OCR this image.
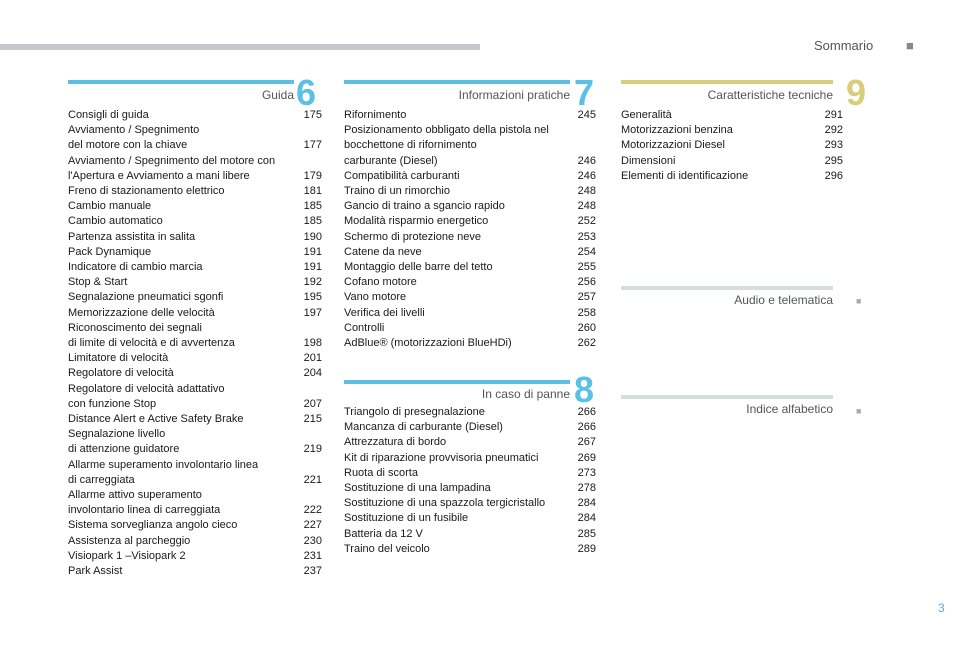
Sommario	■
Guida 6
Consigli di guida	175
Avviamento / Spegnimento
del motore con la chiave	177
Avviamento / Spegnimento del motore con
l'Apertura e Avviamento a mani libere	179
Freno di stazionamento elettrico	181
Cambio manuale	185
Cambio automatico	185
Partenza assistita in salita	190
Pack Dynamique	191
Indicatore di cambio marcia	191
Stop & Start	192
Segnalazione pneumatici sgonfi	195
Memorizzazione delle velocità	197
Riconoscimento dei segnali
di limite di velocità e di avvertenza	198
Limitatore di velocità	201
Regolatore di velocità	204
Regolatore di velocità adattativo
con funzione Stop	207
Distance Alert e Active Safety Brake	215
Segnalazione livello
di attenzione guidatore	219
Allarme superamento involontario linea
di carreggiata	221
Allarme attivo superamento
involontario linea di carreggiata	222
Sistema sorveglianza angolo cieco	227
Assistenza al parcheggio	230
Visiopark 1 –Visiopark 2	231
Park Assist	237
Informazioni pratiche 7
Rifornimento	245
Posizionamento obbligato della pistola nel
bocchettone di rifornimento
carburante (Diesel)	246
Compatibilità carburanti	246
Traino di un rimorchio	248
Gancio di traino a sgancio rapido	248
Modalità risparmio energetico	252
Schermo di protezione neve	253
Catene da neve	254
Montaggio delle barre del tetto	255
Cofano motore	256
Vano motore	257
Verifica dei livelli	258
Controlli	260
AdBlue® (motorizzazioni BlueHDi)	262
In caso di panne 8
Triangolo di presegnalazione	266
Mancanza di carburante (Diesel)	266
Attrezzatura di bordo	267
Kit di riparazione provvisoria pneumatici	269
Ruota di scorta	273
Sostituzione di una lampadina	278
Sostituzione di una spazzola tergicristallo	284
Sostituzione di un fusibile	284
Batteria da 12 V	285
Traino del veicolo	289
Caratteristiche tecniche 9
Generalità	291
Motorizzazioni benzina	292
Motorizzazioni Diesel	293
Dimensioni	295
Elementi di identificazione	296
Audio e telematica	■
Indice alfabetico	■
3
